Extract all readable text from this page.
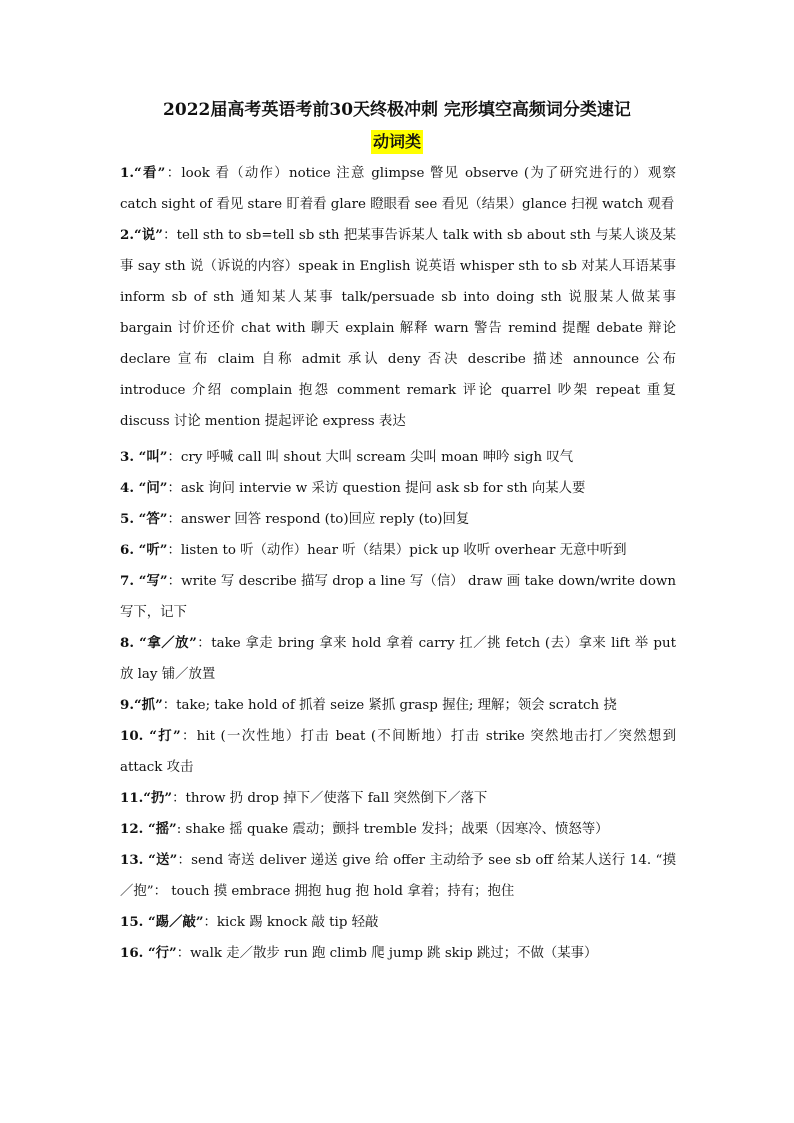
2022届高考英语考前30天终极冲刺 完形填空高频词分类速记
动词类

1.“看”：look 看（动作）notice 注意 glimpse 瞥见 observe (为了研究进行的）观察 catch sight of 看见 stare 盯着看 glare 瞪眼看 see 看见（结果）glance 扫视 watch 观看

2.“说”：tell sth to sb=tell sb sth 把某事告诉某人 talk with sb about sth 与某人谈及某事 say sth 说（诉说的内容）speak in English 说英语 whisper sth to sb 对某人耳语某事 inform sb of sth 通知某人某事 talk/persuade sb into doing sth 说服某人做某事 bargain 讨价还价 chat with 聊天 explain 解释 warn 警告 remind 提醒 debate 辩论 declare 宣布 claim 自称 admit 承认 deny 否决 describe 描述 announce 公布 introduce 介绍 complain 抱怨 comment remark 评论 quarrel 吵架 repeat 重复 discuss 讨论 mention 提起评论 express 表达

3. “叫”：cry 呼喊 call 叫 shout 大叫 scream 尖叫 moan 呻吟 sigh 叹气

4. “问”：ask 询问 intervie w 采访 question 提问 ask sb for sth 向某人要

5. “答”：answer 回答 respond (to)回应 reply (to)回复

6. “听”：listen to 听（动作）hear 听（结果）pick up 收听 overhear 无意中听到

7. “写”：write 写 describe 描写 drop a line 写（信） draw 画 take down/write down 写下，记下

8. “拿／放”：take 拿走 bring 拿来 hold 拿着 carry 扛／挑 fetch (去）拿来 lift 举 put 放 lay 铺／放置

9.“抓”：take; take hold of 抓着 seize 紧抓 grasp 握住; 理解；领会 scratch 挠

10. “打”：hit (一次性地）打击 beat (不间断地）打击 strike 突然地击打／突然想到 attack 攻击

11.“扔”：throw 扔 drop 掉下／使落下 fall 突然倒下／落下

12. “摇”: shake 摇 quake 震动；颤抖 tremble 发抖；战栗（因寒冷、愤怒等）

13. “送”：send 寄送 deliver 递送 give 给 offer 主动给予 see sb off 给某人送行 14. “摸／抱”： touch 摸 embrace 拥抱 hug 抱 hold 拿着；持有；抱住

15. “踢／敲”：kick 踢 knock 敲 tip 轻敲

16. “行”：walk 走／散步 run 跑 climb 爬 jump 跳 skip 跳过；不做（某事）
